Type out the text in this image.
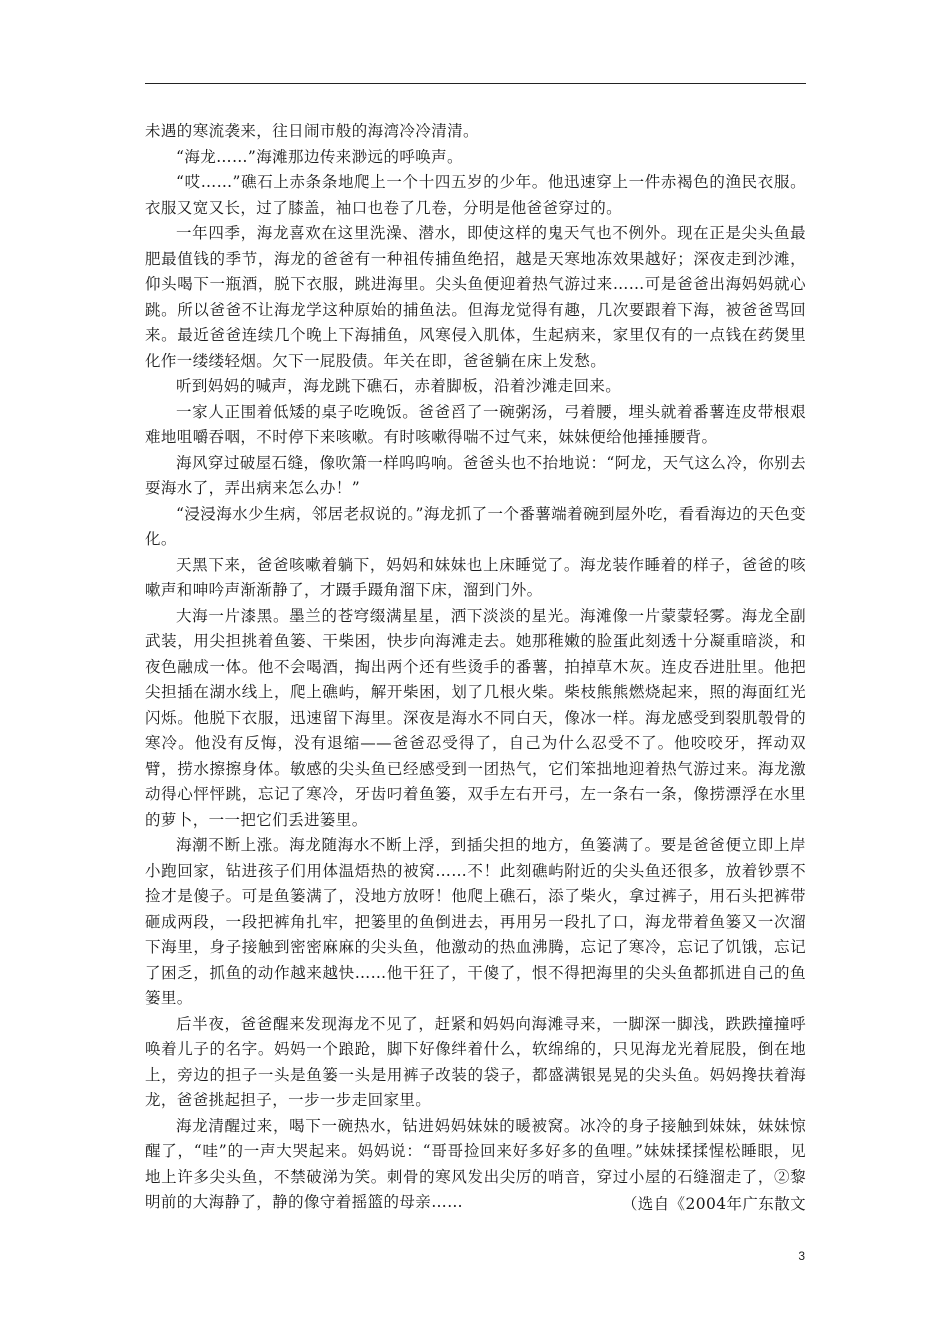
未遇的寒流袭来，往日闹市般的海湾冷冷清清。

“海龙……”海滩那边传来渺远的呼唤声。

“哎……”礁石上赤条条地爬上一个十四五岁的少年。他迅速穿上一件赤褐色的渔民衣服。衣服又宽又长，过了膝盖，袖口也卷了几卷，分明是他爸爸穿过的。

一年四季，海龙喜欢在这里洗澡、潜水，即使这样的鬼天气也不例外。现在正是尖头鱼最肥最值钱的季节，海龙的爸爸有一种祖传捕鱼绝招，越是天寒地冻效果越好；深夜走到沙滩，仰头喝下一瓶酒，脱下衣服，跳进海里。尖头鱼便迎着热气游过来……可是爸爸出海妈妈就心跳。所以爸爸不让海龙学这种原始的捕鱼法。但海龙觉得有趣，几次要跟着下海，被爸爸骂回来。最近爸爸连续几个晚上下海捕鱼，风寒侵入肌体，生起病来，家里仅有的一点钱在药煲里化作一缕缕轻烟。欠下一屁股债。年关在即，爸爸躺在床上发愁。

听到妈妈的喊声，海龙跳下礁石，赤着脚板，沿着沙滩走回来。

一家人正围着低矮的桌子吃晚饭。爸爸舀了一碗粥汤，弓着腰，埋头就着番薯连皮带根艰难地咀嚼吞咽，不时停下来咳嗽。有时咳嗽得喘不过气来，妹妹便给他捶捶腰背。

海风穿过破屋石缝，像吹箫一样呜呜响。爸爸头也不抬地说：“阿龙，天气这么冷，你别去耍海水了，弄出病来怎么办！”

“浸浸海水少生病，邻居老叔说的。”海龙抓了一个番薯端着碗到屋外吃，看看海边的天色变化。

天黑下来，爸爸咳嗽着躺下，妈妈和妹妹也上床睡觉了。海龙装作睡着的样子，爸爸的咳嗽声和呻吟声渐渐静了，才蹑手蹑角溜下床，溜到门外。

大海一片漆黑。墨兰的苍穹缀满星星，洒下淡淡的星光。海滩像一片蒙蒙轻雾。海龙全副武装，用尖担挑着鱼篓、干柴困，快步向海滩走去。她那稚嫩的脸蛋此刻透十分凝重暗淡，和夜色融成一体。他不会喝酒，掏出两个还有些烫手的番薯，拍掉草木灰。连皮吞进肚里。他把尖担插在湖水线上，爬上礁屿，解开柴困，划了几根火柴。柴枝熊熊燃烧起来，照的海面红光闪烁。他脱下衣服，迅速留下海里。深夜是海水不同白天，像冰一样。海龙感受到裂肌彀骨的寒冷。他没有反悔，没有退缩——爸爸忍受得了，自己为什么忍受不了。他咬咬牙，挥动双臂，捞水擦擦身体。敏感的尖头鱼已经感受到一团热气，它们笨拙地迎着热气游过来。海龙激动得心怦怦跳，忘记了寒冷，牙齿叼着鱼篓，双手左右开弓，左一条右一条，像捞漂浮在水里的萝卜，一一把它们丢进篓里。

海潮不断上涨。海龙随海水不断上浮，到插尖担的地方，鱼篓满了。要是爸爸便立即上岸小跑回家，钻进孩子们用体温焐热的被窝……不！此刻礁屿附近的尖头鱼还很多，放着钞票不捡才是傻子。可是鱼篓满了，没地方放呀！他爬上礁石，添了柴火，拿过裤子，用石头把裤带砸成两段，一段把裤角扎牢，把篓里的鱼倒进去，再用另一段扎了口，海龙带着鱼篓又一次溜下海里，身子接触到密密麻麻的尖头鱼，他激动的热血沸腾，忘记了寒冷，忘记了饥饿，忘记了困乏，抓鱼的动作越来越快……他干狂了，干傻了，恨不得把海里的尖头鱼都抓进自己的鱼篓里。

后半夜，爸爸醒来发现海龙不见了，赶紧和妈妈向海滩寻来，一脚深一脚浅，跌跌撞撞呼唤着儿子的名字。妈妈一个踉跄，脚下好像绊着什么，软绵绵的，只见海龙光着屁股，倒在地上，旁边的担子一头是鱼篓一头是用裤子改装的袋子，都盛满银晃晃的尖头鱼。妈妈搀扶着海龙，爸爸挑起担子，一步一步走回家里。

海龙清醒过来，喝下一碗热水，钻进妈妈妹妹的暖被窝。冰冷的身子接触到妹妹，妹妹惊醒了，“哇”的一声大哭起来。妈妈说：“哥哥捡回来好多好多的鱼哩。”妹妹揉揉惺松睡眼，见地上许多尖头鱼，不禁破涕为笑。刺骨的寒风发出尖厉的哨音，穿过小屋的石缝溜走了，②黎明前的大海静了，静的像守着摇篮的母亲……	（选自《2004年广东散文
3
